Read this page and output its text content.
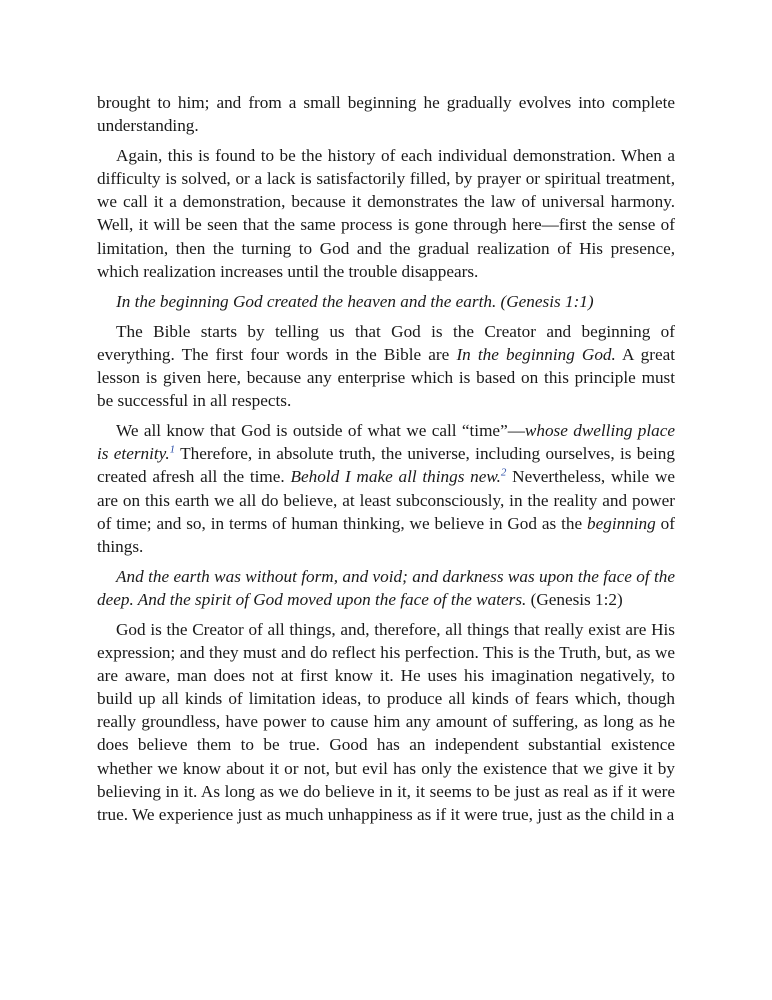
brought to him; and from a small beginning he gradually evolves into complete understanding.

Again, this is found to be the history of each individual demonstration. When a difficulty is solved, or a lack is satisfactorily filled, by prayer or spiritual treatment, we call it a demonstration, because it demonstrates the law of universal harmony. Well, it will be seen that the same process is gone through here—first the sense of limitation, then the turning to God and the gradual realization of His presence, which realization increases until the trouble disappears.

In the beginning God created the heaven and the earth. (Genesis 1:1)

The Bible starts by telling us that God is the Creator and beginning of everything. The first four words in the Bible are In the beginning God. A great lesson is given here, because any enterprise which is based on this principle must be successful in all respects.

We all know that God is outside of what we call “time”—whose dwelling place is eternity.$^1$ Therefore, in absolute truth, the universe, including ourselves, is being created afresh all the time. Behold I make all things new.$^2$ Nevertheless, while we are on this earth we all do believe, at least subconsciously, in the reality and power of time; and so, in terms of human thinking, we believe in God as the beginning of things.

And the earth was without form, and void; and darkness was upon the face of the deep. And the spirit of God moved upon the face of the waters. (Genesis 1:2)

God is the Creator of all things, and, therefore, all things that really exist are His expression; and they must and do reflect his perfection. This is the Truth, but, as we are aware, man does not at first know it. He uses his imagination negatively, to build up all kinds of limitation ideas, to produce all kinds of fears which, though really groundless, have power to cause him any amount of suffering, as long as he does believe them to be true. Good has an independent substantial existence whether we know about it or not, but evil has only the existence that we give it by believing in it. As long as we do believe in it, it seems to be just as real as if it were true. We experience just as much unhappiness as if it were true, just as the child in a
